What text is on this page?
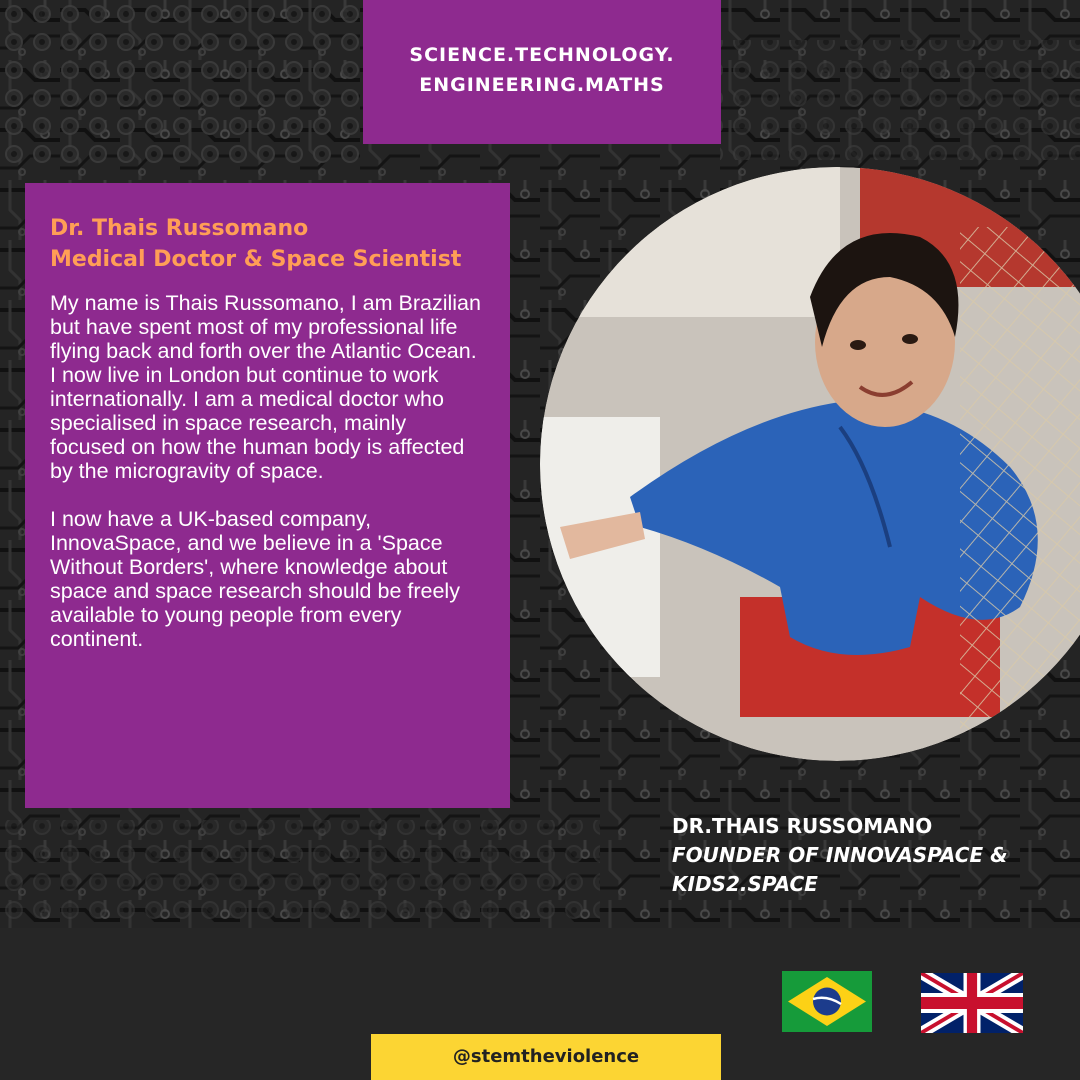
SCIENCE.TECHNOLOGY.
ENGINEERING.MATHS
Dr. Thais Russomano
Medical Doctor & Space Scientist

My name is Thais Russomano, I am Brazilian but have spent most of my professional life flying back and forth over the Atlantic Ocean. I now live in London but continue to work internationally. I am a medical doctor who specialised in space research, mainly focused on how the human body is affected by the microgravity of space.

I now have a UK-based company, InnovaSpace, and we believe in a 'Space Without Borders', where knowledge about space and space research should be freely available to young people from every continent.

DR.THAIS RUSSOMANO
FOUNDER OF INNOVASPACE & KIDS2.SPACE
@stemtheviolence
